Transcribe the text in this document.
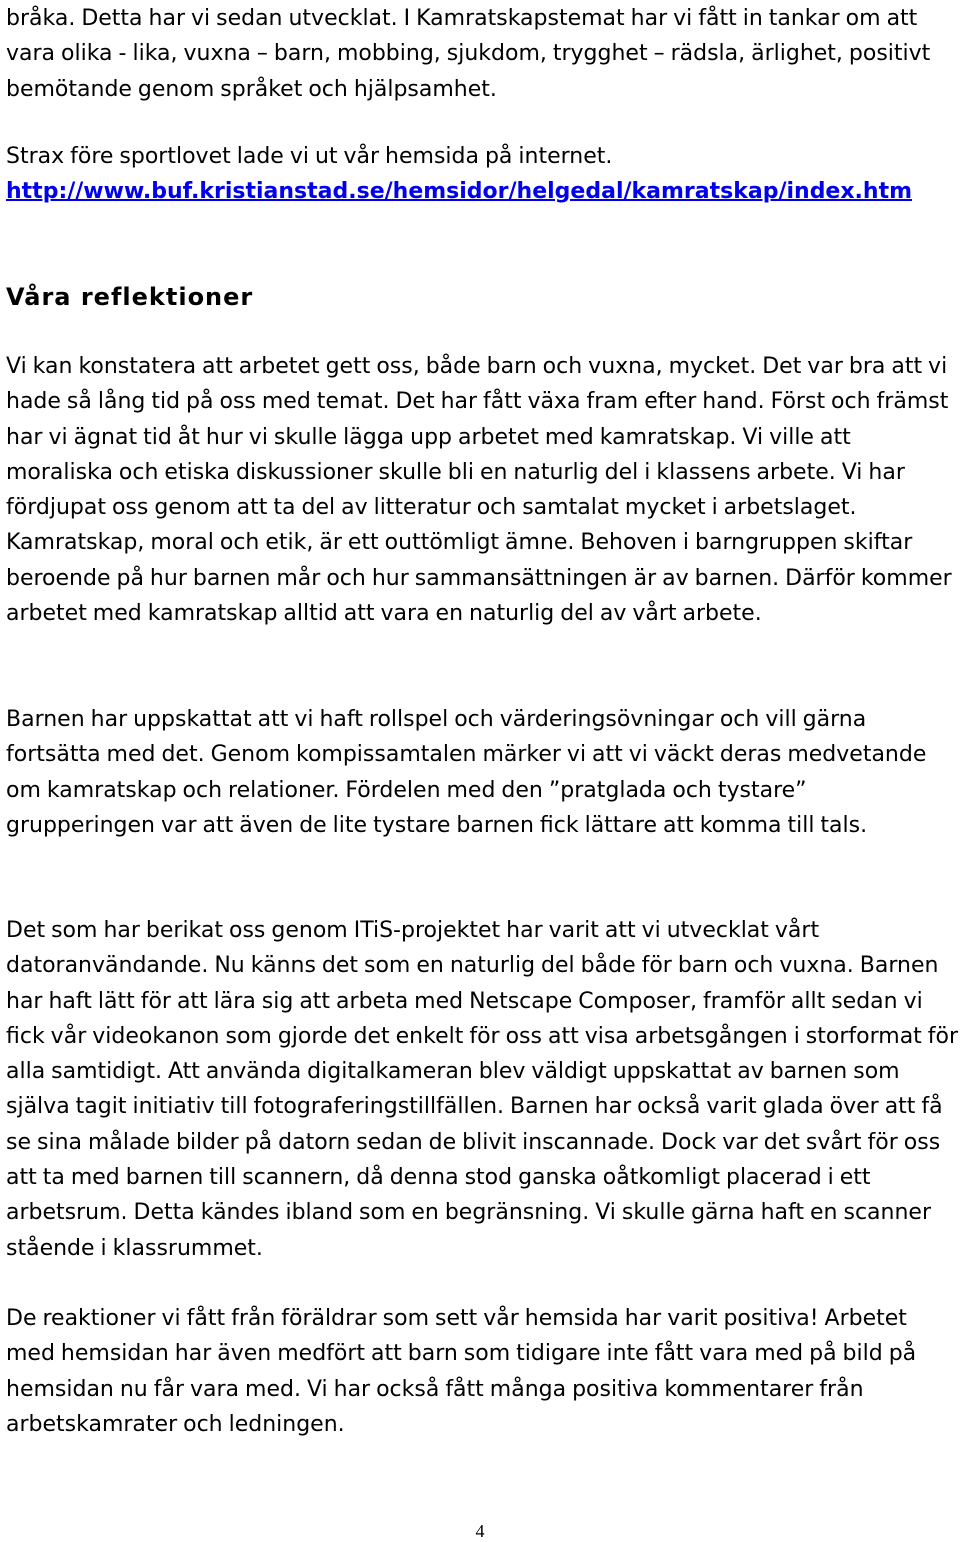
bråka. Detta har vi sedan utvecklat. I Kamratskapstemat har vi fått in tankar om att vara olika - lika, vuxna – barn, mobbing, sjukdom, trygghet – rädsla, ärlighet, positivt bemötande genom språket och hjälpsamhet.

Strax före sportlovet lade vi ut vår hemsida på internet.
http://www.buf.kristianstad.se/hemsidor/helgedal/kamratskap/index.htm

Våra reflektioner

Vi kan konstatera att arbetet gett oss, både barn och vuxna, mycket. Det var bra att vi hade så lång tid på oss med temat. Det har fått växa fram efter hand. Först och främst har vi ägnat tid åt hur vi skulle lägga upp arbetet med kamratskap. Vi ville att moraliska och etiska diskussioner skulle bli en naturlig del i klassens arbete. Vi har fördjupat oss genom att ta del av litteratur och samtalat mycket i arbetslaget. Kamratskap, moral och etik, är ett outtömligt ämne. Behoven i barngruppen skiftar beroende på hur barnen mår och hur sammansättningen är av barnen. Därför kommer arbetet med kamratskap alltid att vara en naturlig del av vårt arbete.

Barnen har uppskattat att vi haft rollspel och värderingsövningar och vill gärna fortsätta med det. Genom kompissamtalen märker vi att vi väckt deras medvetande om kamratskap och relationer. Fördelen med den ”pratglada och tystare” grupperingen var att även de lite tystare barnen fick lättare att komma till tals.

Det som har berikat oss genom ITiS-projektet har varit att vi utvecklat vårt datoranvändande. Nu känns det som en naturlig del både för barn och vuxna. Barnen har haft lätt för att lära sig att arbeta med Netscape Composer, framför allt sedan vi fick vår videokanon som gjorde det enkelt för oss att visa arbetsgången i storformat för alla samtidigt. Att använda digitalkameran blev väldigt uppskattat av barnen som själva tagit initiativ till fotograferingstillfällen. Barnen har också varit glada över att få se sina målade bilder på datorn sedan de blivit inscannade. Dock var det svårt för oss att ta med barnen till scannern, då denna stod ganska oåtkomligt placerad i ett arbetsrum. Detta kändes ibland som en begränsning. Vi skulle gärna haft en scanner stående i klassrummet.

De reaktioner vi fått från föräldrar som sett vår hemsida har varit positiva! Arbetet med hemsidan har även medfört att barn som tidigare inte fått vara med på bild på hemsidan nu får vara med. Vi har också fått många positiva kommentarer från arbetskamrater och ledningen.

4
